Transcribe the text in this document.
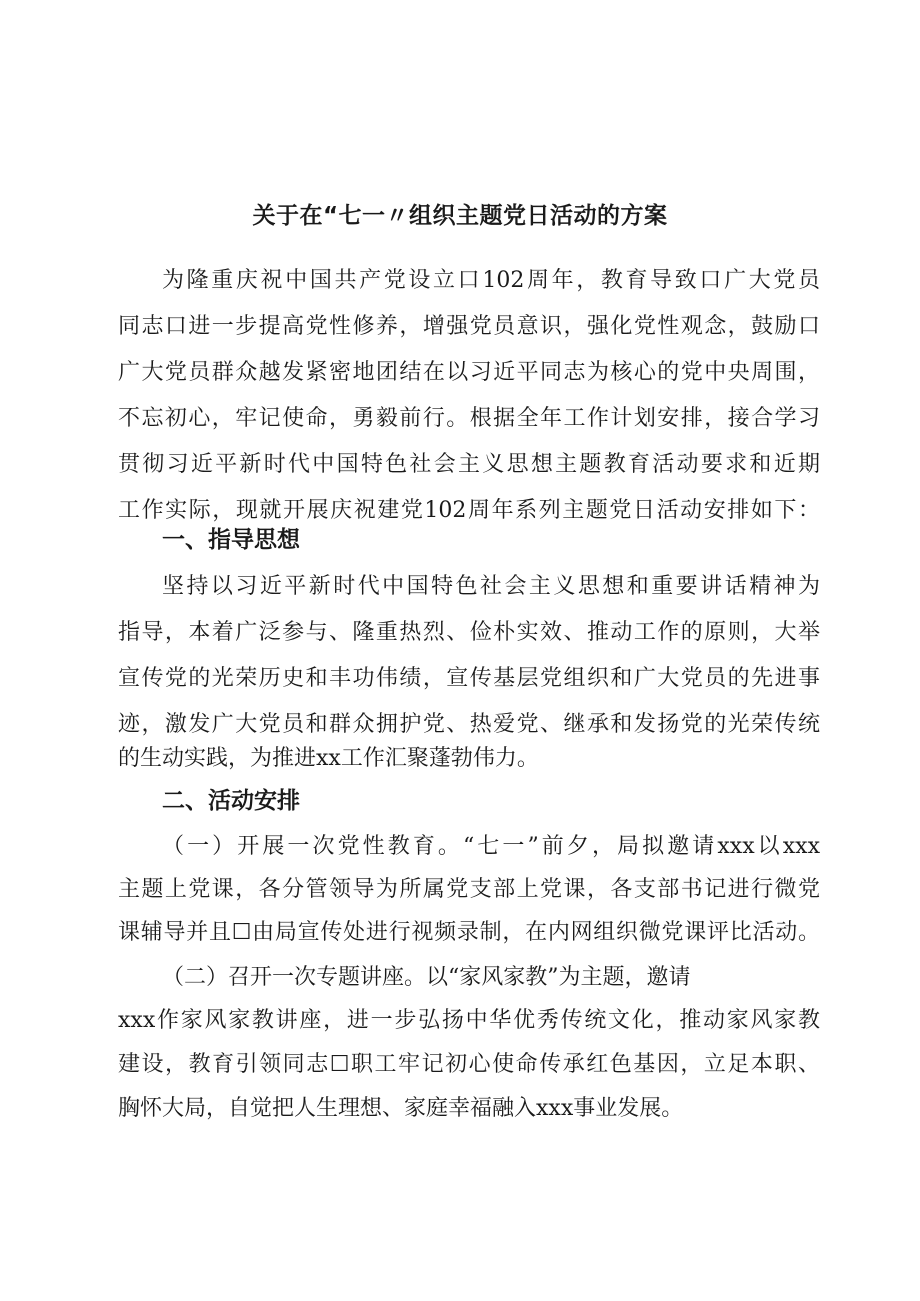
关于在“七一〃组织主题党日活动的方案
为隆重庆祝中国共产党设立口102周年，教育导致口广大党员
同志口进一步提高党性修养，增强党员意识，强化党性观念，鼓励口
广大党员群众越发紧密地团结在以习近平同志为核心的党中央周围，
不忘初心，牢记使命，勇毅前行。根据全年工作计划安排，接合学习
贯彻习近平新时代中国特色社会主义思想主题教育活动要求和近期
工作实际，现就开展庆祝建党102周年系列主题党日活动安排如下：
一、指导思想
坚持以习近平新时代中国特色社会主义思想和重要讲话精神为
指导，本着广泛参与、隆重热烈、俭朴实效、推动工作的原则，大举
宣传党的光荣历史和丰功伟绩，宣传基层党组织和广大党员的先进事
迹，激发广大党员和群众拥护党、热爱党、继承和发扬党的光荣传统
的生动实践，为推进xx工作汇聚蓬勃伟力。
二、活动安排
（一）开展一次党性教育。“七一”前夕，局拟邀请xxx以xxx
主题上党课，各分管领导为所属党支部上党课，各支部书记进行微党
课辅导并且☐由局宣传处进行视频录制，在内网组织微党课评比活动。
（二）召开一次专题讲座。以“家风家教”为主题，邀请
xxx作家风家教讲座，进一步弘扬中华优秀传统文化，推动家风家教
建设，教育引领同志☐职工牢记初心使命传承红色基因，立足本职、
胸怀大局，自觉把人生理想、家庭幸福融入xxx事业发展。
